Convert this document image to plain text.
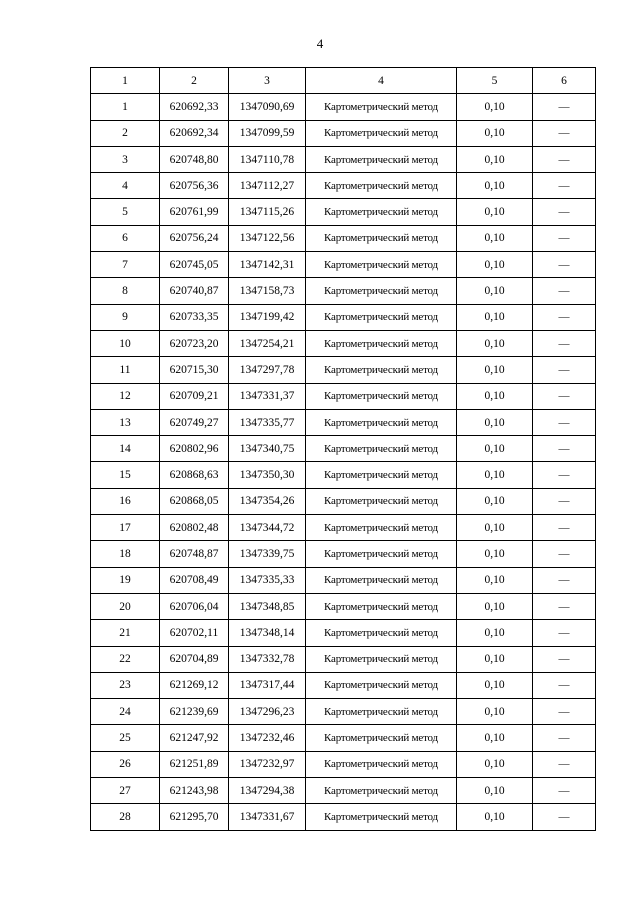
4
1	2	3	4	5	6
1	620692,33	1347090,69	Картометрический метод	0,10	—
2	620692,34	1347099,59	Картометрический метод	0,10	—
3	620748,80	1347110,78	Картометрический метод	0,10	—
4	620756,36	1347112,27	Картометрический метод	0,10	—
5	620761,99	1347115,26	Картометрический метод	0,10	—
6	620756,24	1347122,56	Картометрический метод	0,10	—
7	620745,05	1347142,31	Картометрический метод	0,10	—
8	620740,87	1347158,73	Картометрический метод	0,10	—
9	620733,35	1347199,42	Картометрический метод	0,10	—
10	620723,20	1347254,21	Картометрический метод	0,10	—
11	620715,30	1347297,78	Картометрический метод	0,10	—
12	620709,21	1347331,37	Картометрический метод	0,10	—
13	620749,27	1347335,77	Картометрический метод	0,10	—
14	620802,96	1347340,75	Картометрический метод	0,10	—
15	620868,63	1347350,30	Картометрический метод	0,10	—
16	620868,05	1347354,26	Картометрический метод	0,10	—
17	620802,48	1347344,72	Картометрический метод	0,10	—
18	620748,87	1347339,75	Картометрический метод	0,10	—
19	620708,49	1347335,33	Картометрический метод	0,10	—
20	620706,04	1347348,85	Картометрический метод	0,10	—
21	620702,11	1347348,14	Картометрический метод	0,10	—
22	620704,89	1347332,78	Картометрический метод	0,10	—
23	621269,12	1347317,44	Картометрический метод	0,10	—
24	621239,69	1347296,23	Картометрический метод	0,10	—
25	621247,92	1347232,46	Картометрический метод	0,10	—
26	621251,89	1347232,97	Картометрический метод	0,10	—
27	621243,98	1347294,38	Картометрический метод	0,10	—
28	621295,70	1347331,67	Картометрический метод	0,10	—
